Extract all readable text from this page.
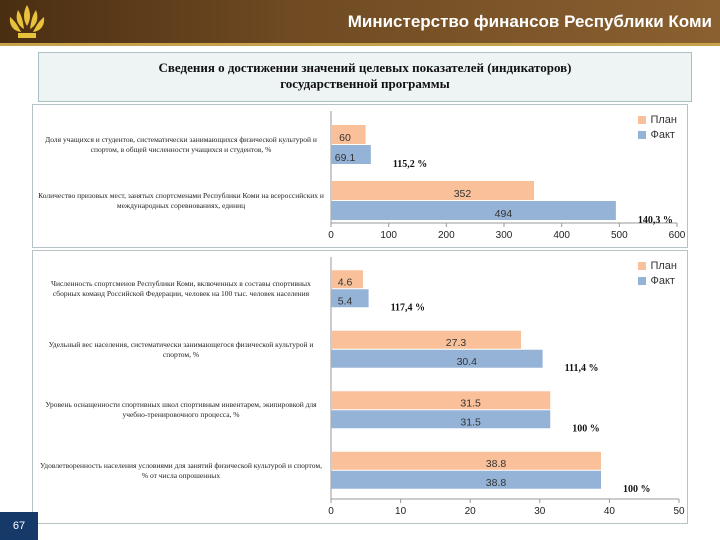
Министерство финансов Республики Коми
Сведения о достижении значений целевых показателей (индикаторов)
государственной программы
0	100	200	300	400	500	600
60
69.1
115,2 %
352
494
140,3 %
Доля учащихся и студентов, систематически занимающихся физической культурой и спортом, в общей численности учащихся и студентов, %
Количество призовых мест, занятых спортсменами Республики Коми на всероссийских и международных соревнованиях, единиц
План
Факт
0	10	20	30	40	50
4.6
5.4
117,4 %
27.3
30.4
111,4 %
31.5
31.5
100 %
38.8
38.8
100 %
Численность спортсменов Республики Коми, включенных в составы спортивных сборных команд Российской Федерации, человек на 100 тыс. человек населения
Удельный вес населения, систематически занимающегося физической культурой и спортом, %
Уровень оснащенности спортивных школ спортивным инвентарем, экипировкой для учебно-тренировочного процесса, %
Удовлетворенность населения условиями для занятий физической культурой и спортом, % от числа опрошенных
План
Факт
67
